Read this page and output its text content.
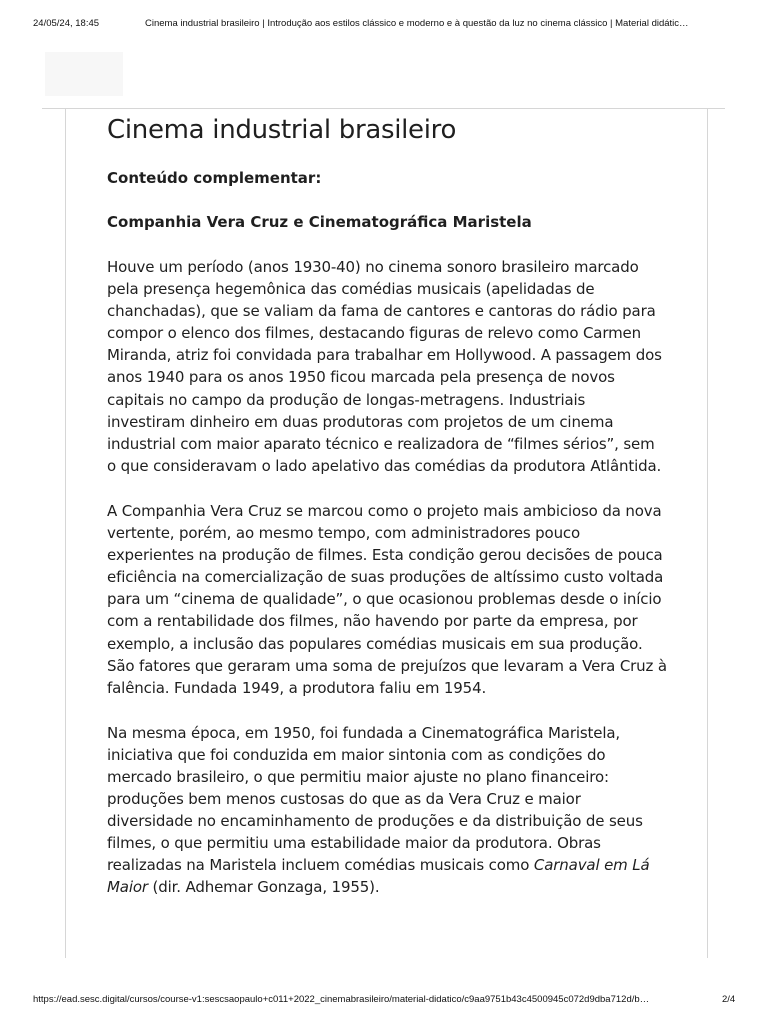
24/05/24, 18:45	Cinema industrial brasileiro | Introdução aos estilos clássico e moderno e à questão da luz no cinema clássico | Material didátic…
Cinema industrial brasileiro

Conteúdo complementar:

Companhia Vera Cruz e Cinematográfica Maristela

Houve um período (anos 1930-40) no cinema sonoro brasileiro marcado pela presença hegemônica das comédias musicais (apelidadas de chanchadas), que se valiam da fama de cantores e cantoras do rádio para compor o elenco dos filmes, destacando figuras de relevo como Carmen Miranda, atriz foi convidada para trabalhar em Hollywood. A passagem dos anos 1940 para os anos 1950 ficou marcada pela presença de novos capitais no campo da produção de longas-metragens. Industriais investiram dinheiro em duas produtoras com projetos de um cinema industrial com maior aparato técnico e realizadora de “filmes sérios”, sem o que consideravam o lado apelativo das comédias da produtora Atlântida.

A Companhia Vera Cruz se marcou como o projeto mais ambicioso da nova vertente, porém, ao mesmo tempo, com administradores pouco experientes na produção de filmes. Esta condição gerou decisões de pouca eficiência na comercialização de suas produções de altíssimo custo voltada para um “cinema de qualidade”, o que ocasionou problemas desde o início com a rentabilidade dos filmes, não havendo por parte da empresa, por exemplo, a inclusão das populares comédias musicais em sua produção. São fatores que geraram uma soma de prejuízos que levaram a Vera Cruz à falência. Fundada 1949, a produtora faliu em 1954.

Na mesma época, em 1950, foi fundada a Cinematográfica Maristela, iniciativa que foi conduzida em maior sintonia com as condições do mercado brasileiro, o que permitiu maior ajuste no plano financeiro: produções bem menos custosas do que as da Vera Cruz e maior diversidade no encaminhamento de produções e da distribuição de seus filmes, o que permitiu uma estabilidade maior da produtora. Obras realizadas na Maristela incluem comédias musicais como Carnaval em Lá Maior (dir. Adhemar Gonzaga, 1955).

https://ead.sesc.digital/cursos/course-v1:sescsaopaulo+c011+2022_cinemabrasileiro/material-didatico/c9aa9751b43c4500945c072d9dba712d/b…	2/4
